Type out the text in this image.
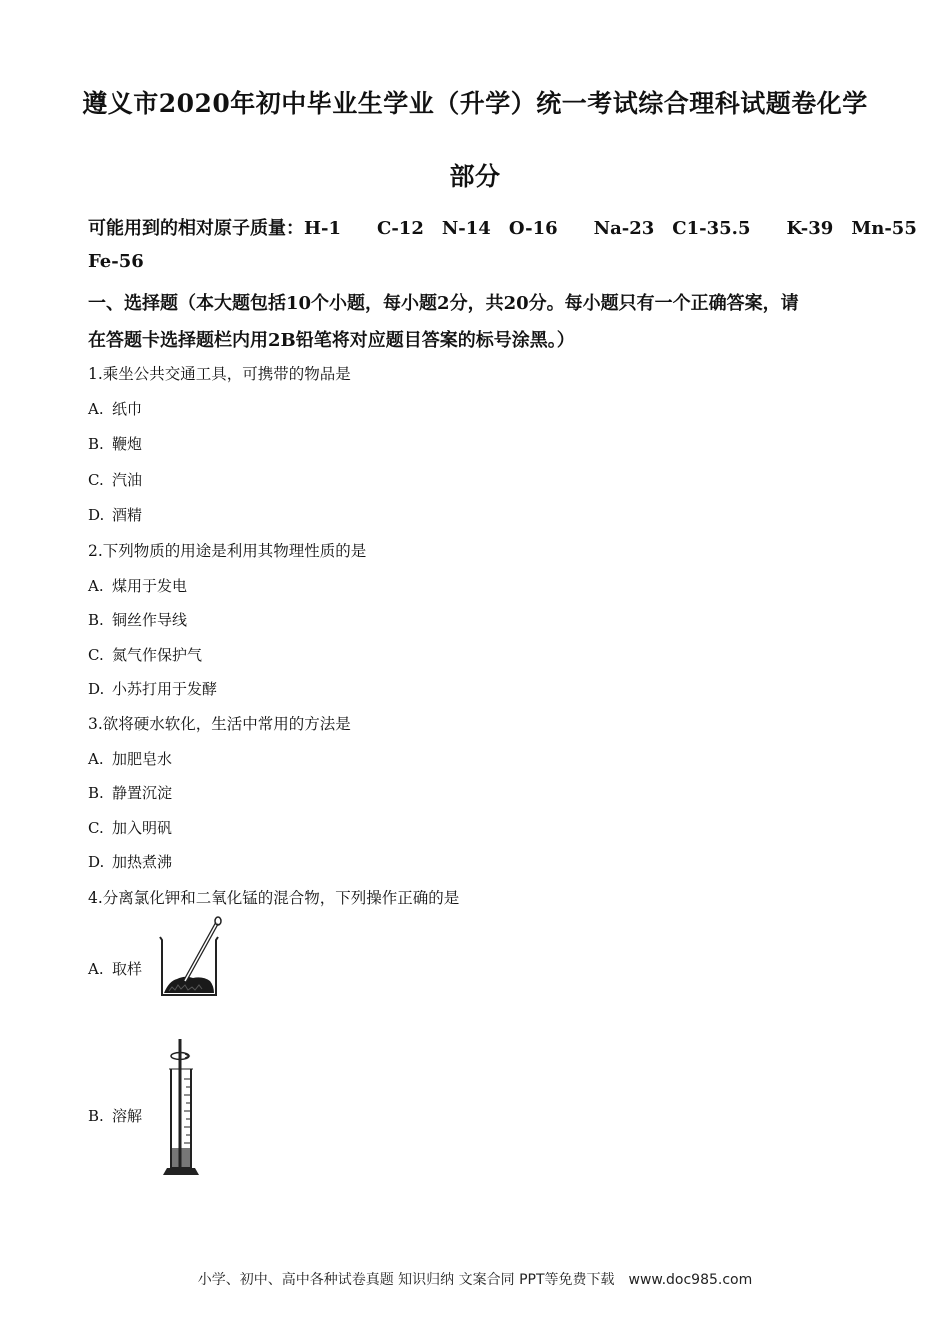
遵义市2020年初中毕业生学业（升学）统一考试综合理科试题卷化学
部分
可能用到的相对原子质量：H-1　　C-12　N-14　O-16　　Na-23　C1-35.5　　K-39　Mn-55
Fe-56
一、选择题（本大题包括10个小题，每小题2分，共20分。每小题只有一个正确答案，请
在答题卡选择题栏内用2B铅笔将对应题目答案的标号涂黑。）
1.乘坐公共交通工具，可携带的物品是
A. 纸巾
B. 鞭炮
C. 汽油
D. 酒精
2.下列物质的用途是利用其物理性质的是
A. 煤用于发电
B. 铜丝作导线
C. 氮气作保护气
D. 小苏打用于发酵
3.欲将硬水软化，生活中常用的方法是
A. 加肥皂水
B. 静置沉淀
C. 加入明矾
D. 加热煮沸
4.分离氯化钾和二氧化锰的混合物，下列操作正确的是
A. 取样
B. 溶解
小学、初中、高中各种试卷真题 知识归纳 文案合同 PPT等免费下载　www.doc985.com
